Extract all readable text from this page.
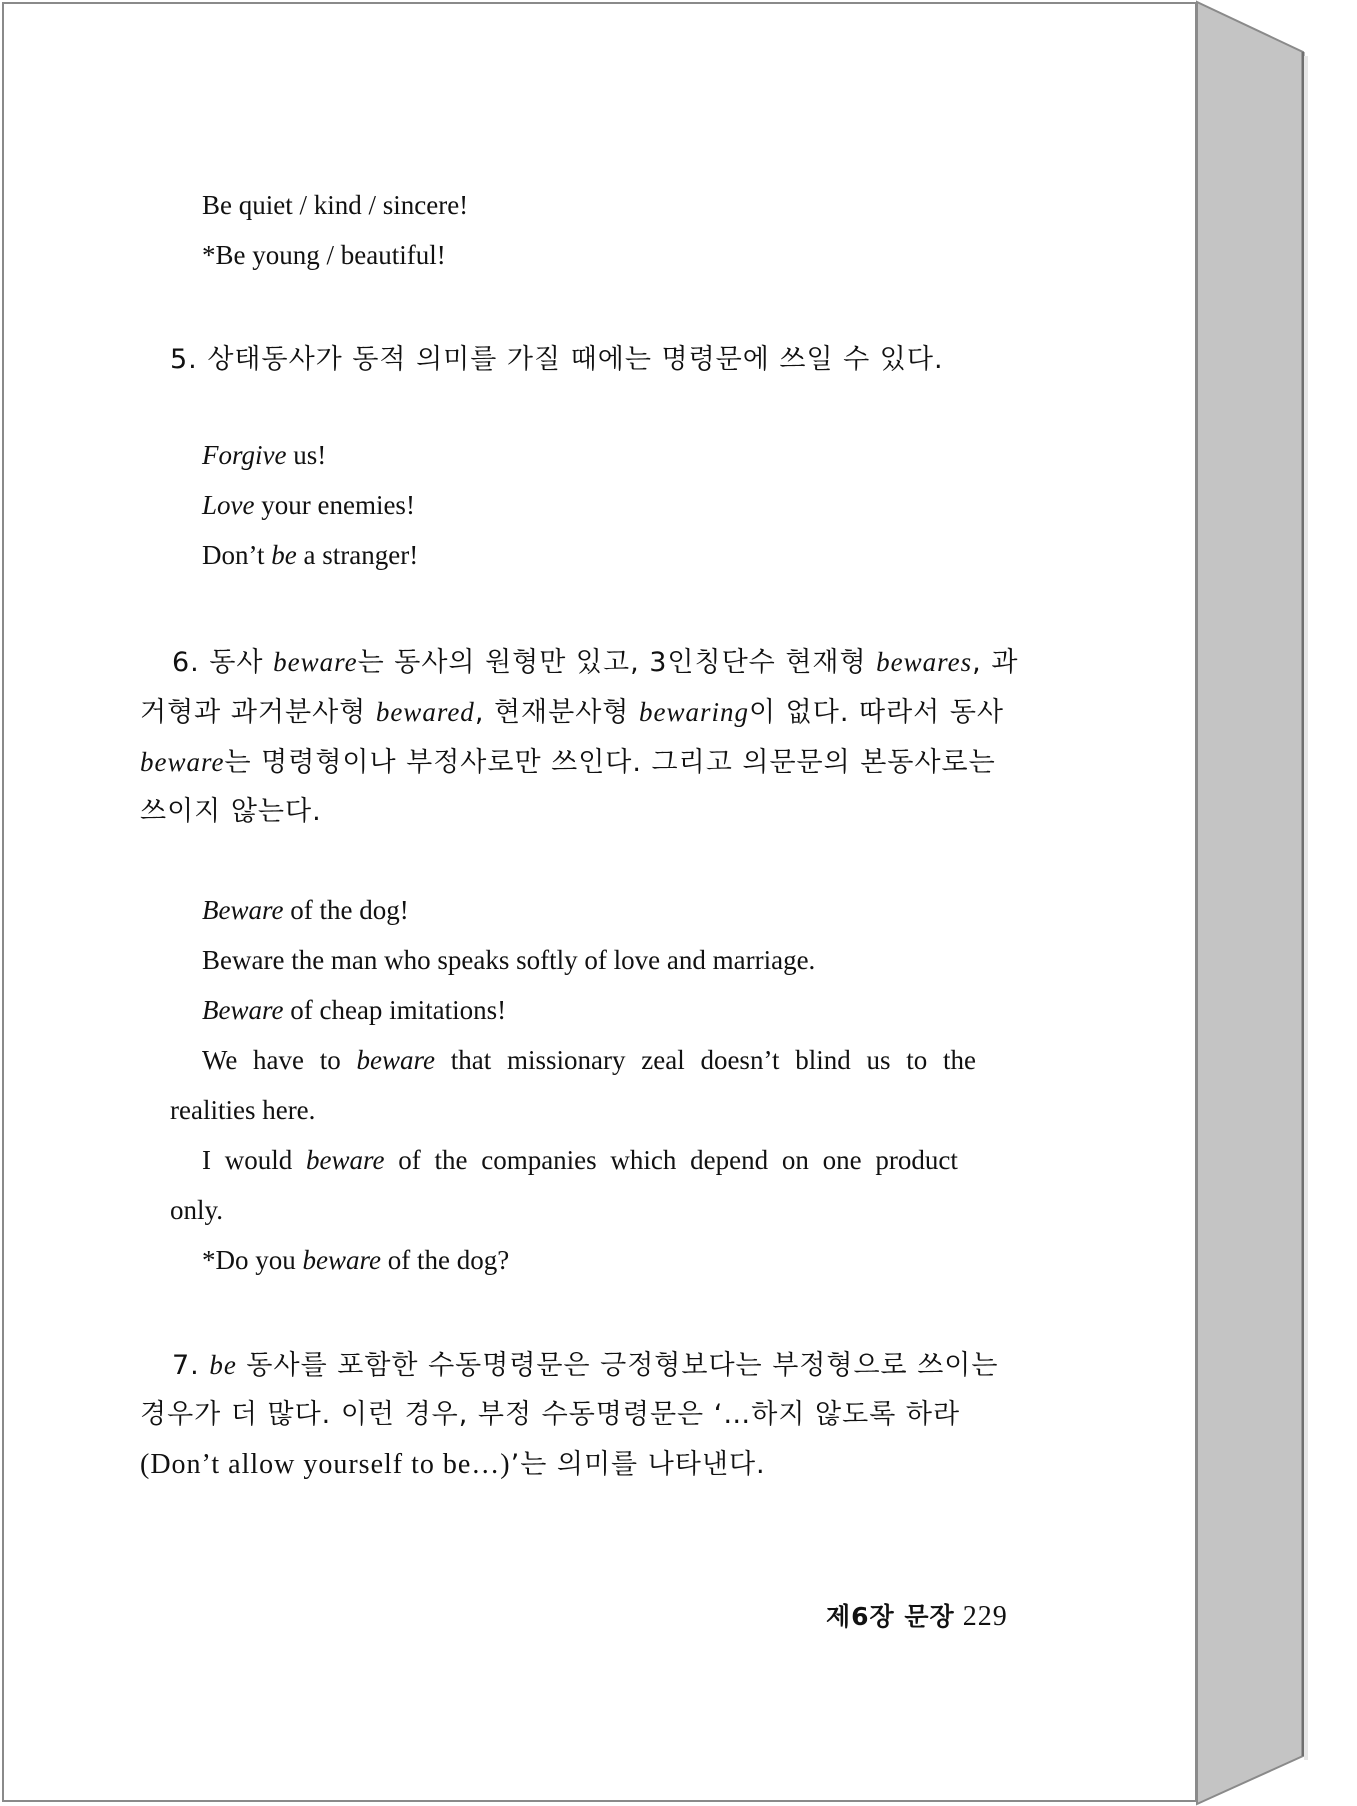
Be quiet / kind / sincere!
*Be young / beautiful!
5. 상태동사가 동적 의미를 가질 때에는 명령문에 쓰일 수 있다.
Forgive us!
Love your enemies!
Don’t be a stranger!
6. 동사 beware는 동사의 원형만 있고, 3인칭단수 현재형 bewares, 과
거형과 과거분사형 bewared, 현재분사형 bewaring이 없다. 따라서 동사
beware는 명령형이나 부정사로만 쓰인다. 그리고 의문문의 본동사로는
쓰이지 않는다.
Beware of the dog!
Beware the man who speaks softly of love and marriage.
Beware of cheap imitations!
We have to beware that missionary zeal doesn’t blind us to the
realities here.
I would beware of the companies which depend on one product
only.
*Do you beware of the dog?
7. be 동사를 포함한 수동명령문은 긍정형보다는 부정형으로 쓰이는
경우가 더 많다. 이런 경우, 부정 수동명령문은 ‘…하지 않도록 하라
(Don’t allow yourself to be…)’는 의미를 나타낸다.
제6장 문장 229
